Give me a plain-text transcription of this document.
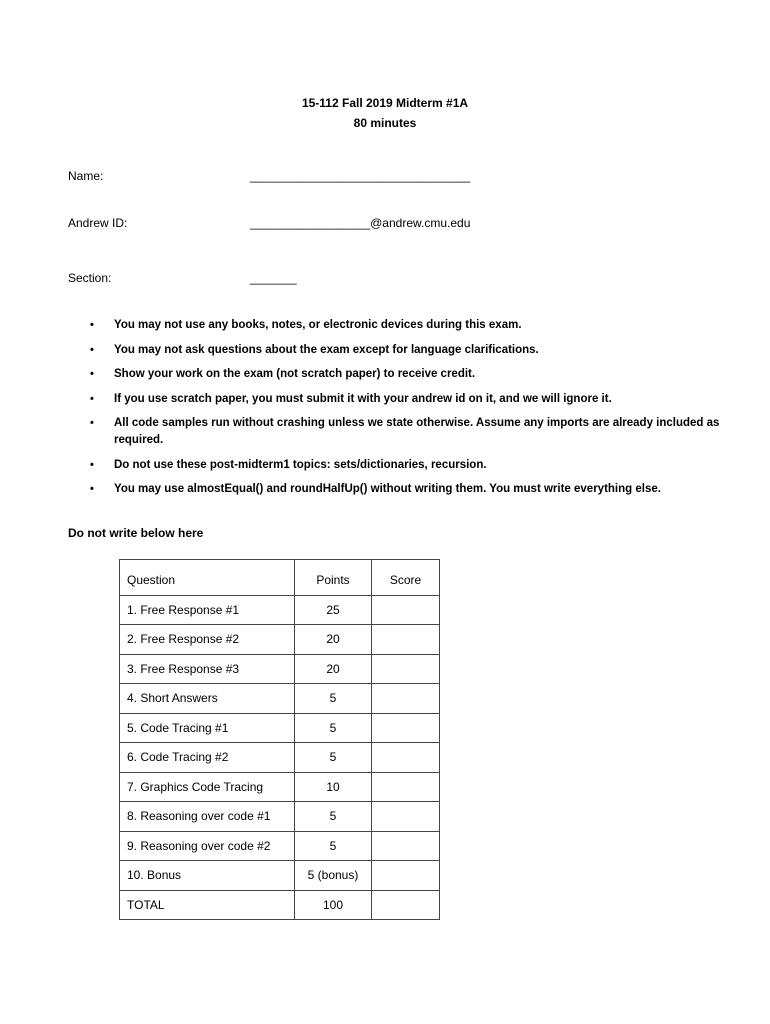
15-112 Fall 2019 Midterm #1A
80 minutes
Name:	_________________________________
Andrew ID:	__________________@andrew.cmu.edu
Section:	_______
• You may not use any books, notes, or electronic devices during this exam.
• You may not ask questions about the exam except for language clarifications.
• Show your work on the exam (not scratch paper) to receive credit.
• If you use scratch paper, you must submit it with your andrew id on it, and we will ignore it.
• All code samples run without crashing unless we state otherwise. Assume any imports are already included as required.
• Do not use these post-midterm1 topics: sets/dictionaries, recursion.
• You may use almostEqual() and roundHalfUp() without writing them. You must write everything else.
Do not write below here
Question	Points	Score
1. Free Response #1	25	
2. Free Response #2	20	
3. Free Response #3	20	
4. Short Answers	5	
5. Code Tracing #1	5	
6. Code Tracing #2	5	
7. Graphics Code Tracing	10	
8. Reasoning over code #1	5	
9. Reasoning over code #2	5	
10. Bonus	5 (bonus)	
TOTAL	100	
